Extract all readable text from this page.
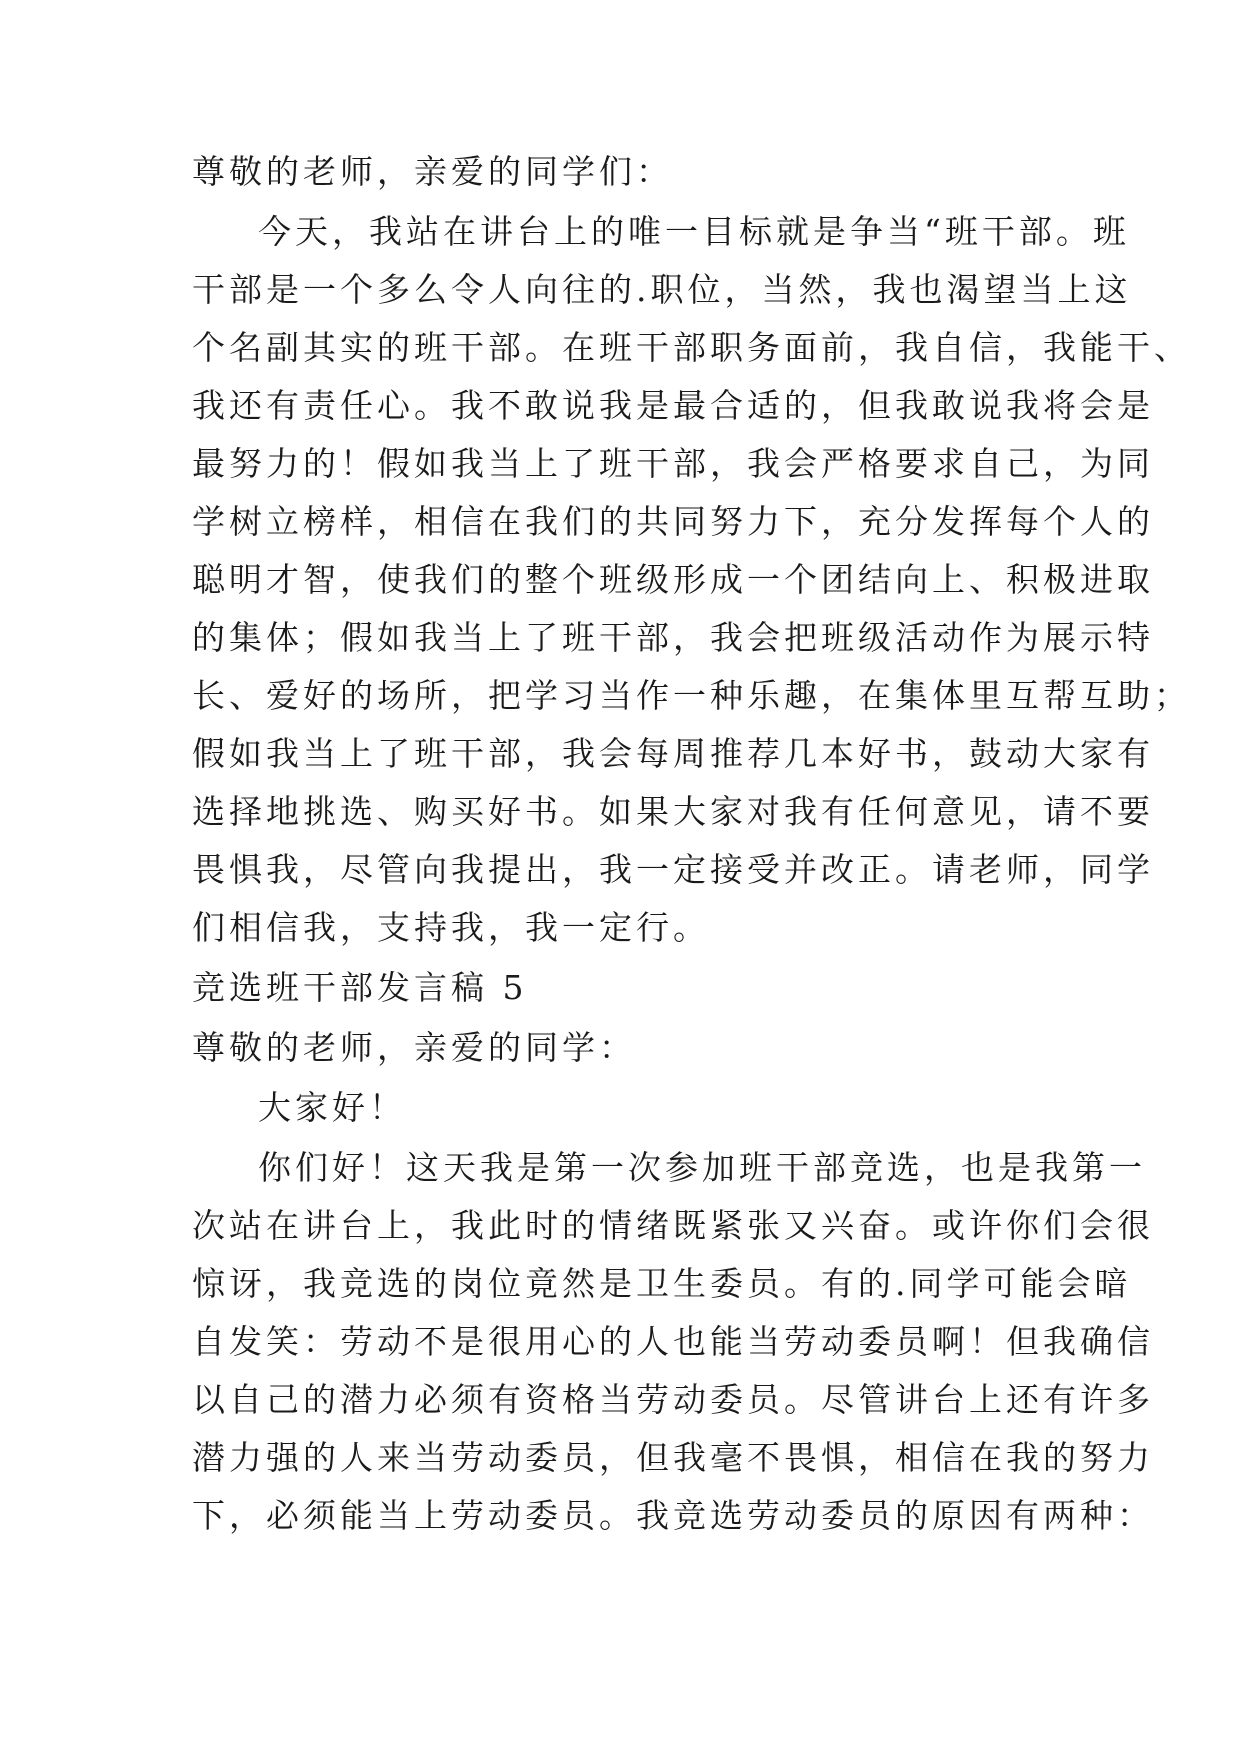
尊敬的老师，亲爱的同学们：

今天，我站在讲台上的唯一目标就是争当“班干部。班

干部是一个多么令人向往的.职位，当然，我也渴望当上这

个名副其实的班干部。在班干部职务面前，我自信，我能干、

我还有责任心。我不敢说我是最合适的，但我敢说我将会是

最努力的！假如我当上了班干部，我会严格要求自己，为同

学树立榜样，相信在我们的共同努力下，充分发挥每个人的

聪明才智，使我们的整个班级形成一个团结向上、积极进取

的集体；假如我当上了班干部，我会把班级活动作为展示特

长、爱好的场所，把学习当作一种乐趣，在集体里互帮互助；

假如我当上了班干部，我会每周推荐几本好书，鼓动大家有

选择地挑选、购买好书。如果大家对我有任何意见，请不要

畏惧我，尽管向我提出，我一定接受并改正。请老师，同学

们相信我，支持我，我一定行。

竞选班干部发言稿 5

尊敬的老师，亲爱的同学：

大家好！

你们好！这天我是第一次参加班干部竞选，也是我第一

次站在讲台上，我此时的情绪既紧张又兴奋。或许你们会很

惊讶，我竞选的岗位竟然是卫生委员。有的.同学可能会暗

自发笑：劳动不是很用心的人也能当劳动委员啊！但我确信

以自己的潜力必须有资格当劳动委员。尽管讲台上还有许多

潜力强的人来当劳动委员，但我毫不畏惧，相信在我的努力

下，必须能当上劳动委员。我竞选劳动委员的原因有两种：
